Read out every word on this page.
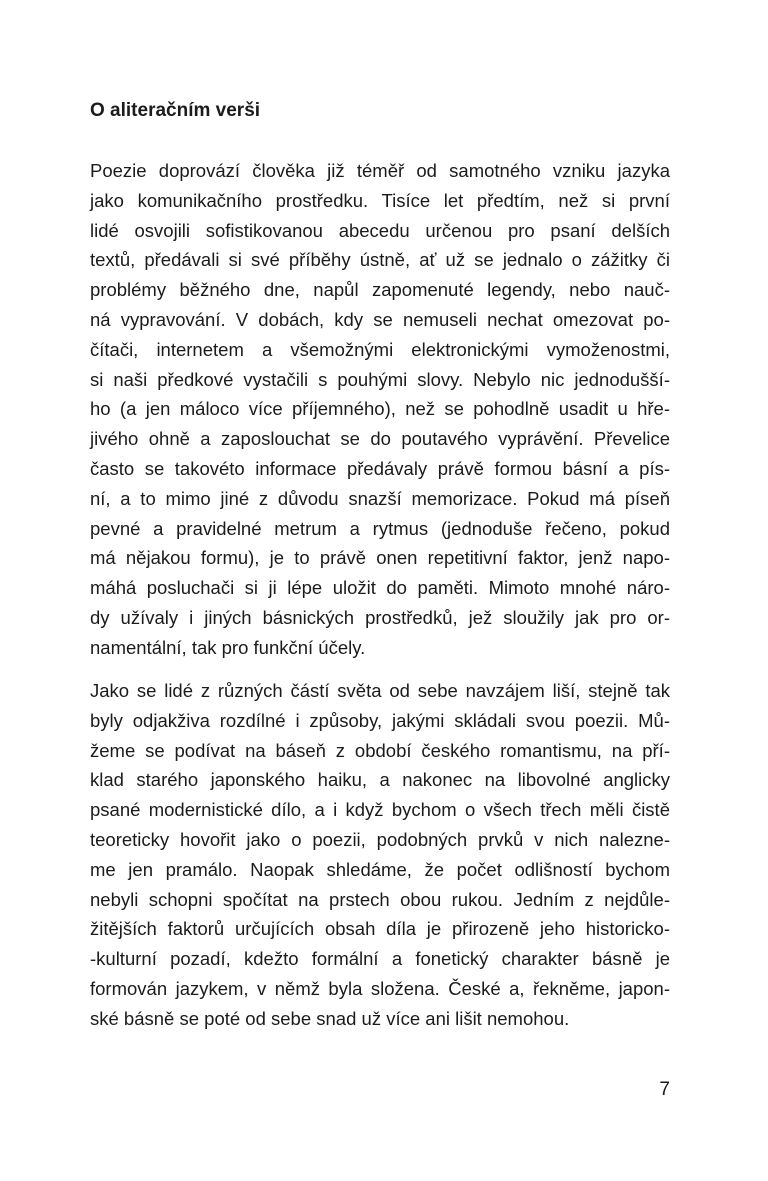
O aliteračním verši
Poezie doprovází člověka již téměř od samotného vzniku jazyka
jako komunikačního prostředku. Tisíce let předtím, než si první
lidé osvojili sofistikovanou abecedu určenou pro psaní delších
textů, předávali si své příběhy ústně, ať už se jednalo o zážitky či
problémy běžného dne, napůl zapomenuté legendy, nebo nauč-
ná vypravování. V dobách, kdy se nemuseli nechat omezovat po-
čítači, internetem a všemožnými elektronickými vymoženostmi,
si naši předkové vystačili s pouhými slovy. Nebylo nic jednodušší-
ho (a jen máloco více příjemného), než se pohodlně usadit u hře-
jivého ohně a zaposlouchat se do poutavého vyprávění. Převelice
často se takovéto informace předávaly právě formou básní a pís-
ní, a to mimo jiné z důvodu snazší memorizace. Pokud má píseň
pevné a pravidelné metrum a rytmus (jednoduše řečeno, pokud
má nějakou formu), je to právě onen repetitivní faktor, jenž napo-
máhá posluchači si ji lépe uložit do paměti. Mimoto mnohé náro-
dy užívaly i jiných básnických prostředků, jež sloužily jak pro or-
namentální, tak pro funkční účely.
Jako se lidé z různých částí světa od sebe navzájem liší, stejně tak
byly odjakživa rozdílné i způsoby, jakými skládali svou poezii. Mů-
žeme se podívat na báseň z období českého romantismu, na pří-
klad starého japonského haiku, a nakonec na libovolné anglicky
psané modernistické dílo, a i když bychom o všech třech měli čistě
teoreticky hovořit jako o poezii, podobných prvků v nich nalezne-
me jen pramálo. Naopak shledáme, že počet odlišností bychom
nebyli schopni spočítat na prstech obou rukou. Jedním z nejdůle-
žitějších faktorů určujících obsah díla je přirozeně jeho historicko-
-kulturní pozadí, kdežto formální a fonetický charakter básně je
formován jazykem, v němž byla složena. České a, řekněme, japon-
ské básně se poté od sebe snad už více ani lišit nemohou.
7
